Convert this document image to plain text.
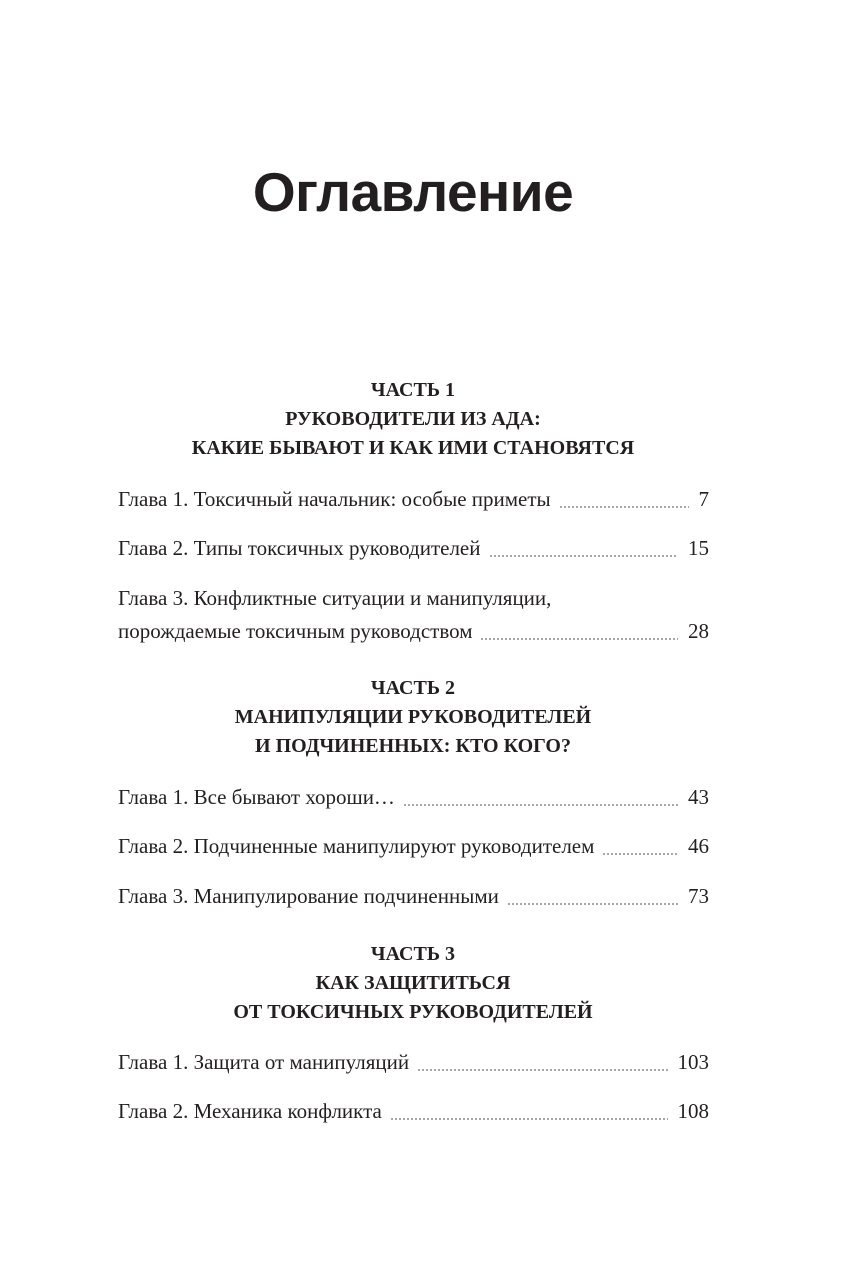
Оглавление
ЧАСТЬ 1
РУКОВОДИТЕЛИ ИЗ АДА:
КАКИЕ БЫВАЮТ И КАК ИМИ СТАНОВЯТСЯ
Глава 1. Токсичный начальник: особые приметы	7
Глава 2. Типы токсичных руководителей	15
Глава 3. Конфликтные ситуации и манипуляции,
порождаемые токсичным руководством	28
ЧАСТЬ 2
МАНИПУЛЯЦИИ РУКОВОДИТЕЛЕЙ
И ПОДЧИНЕННЫХ: КТО КОГО?
Глава 1. Все бывают хороши…	43
Глава 2. Подчиненные манипулируют руководителем	46
Глава 3. Манипулирование подчиненными	73
ЧАСТЬ 3
КАК ЗАЩИТИТЬСЯ
ОТ ТОКСИЧНЫХ РУКОВОДИТЕЛЕЙ
Глава 1. Защита от манипуляций	103
Глава 2. Механика конфликта	108
